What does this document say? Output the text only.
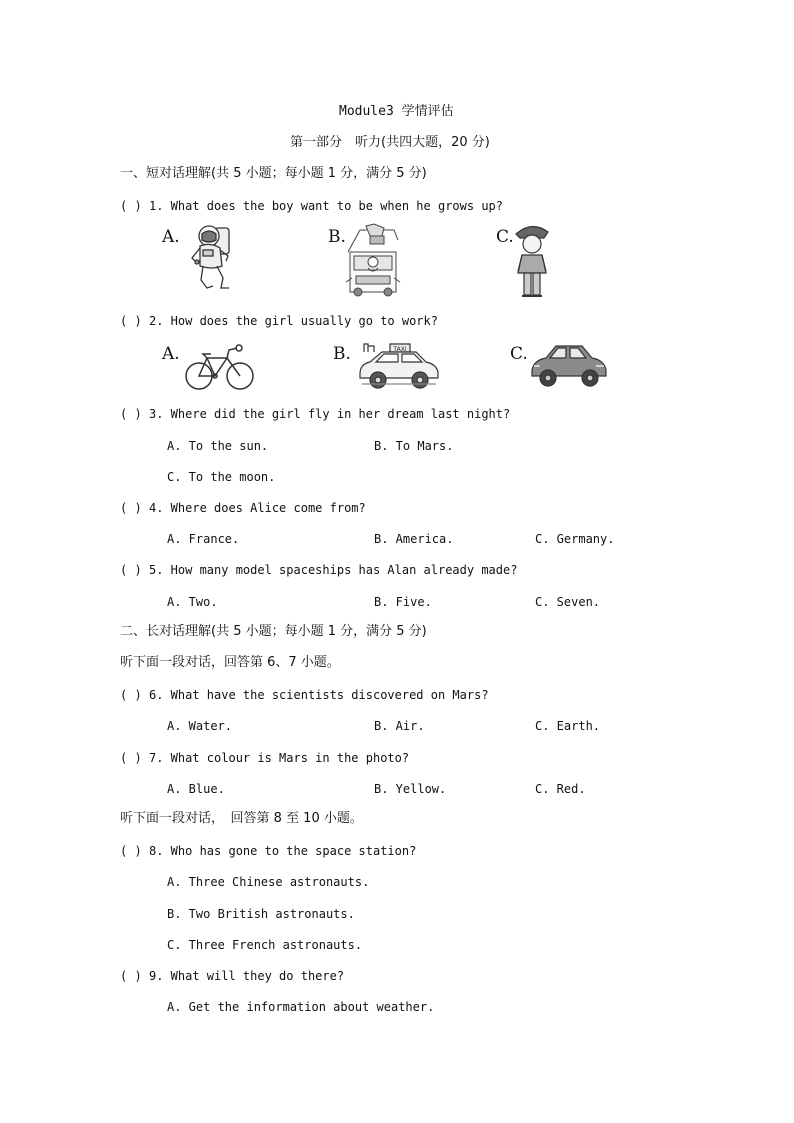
Module3 学情评估
第一部分　听力(共四大题，20 分)
一、短对话理解(共 5 小题；每小题 1 分，满分 5 分)
( ) 1. What does the boy want to be when he grows up?
A.	B.	C.
( ) 2. How does the girl usually go to work?
A.	B.	TAXI	C.
( ) 3. Where did the girl fly in her dream last night?
A. To the sun.	B. To Mars.
C. To the moon.
( ) 4. Where does Alice come from?
A. France.	B. America.	C. Germany.
( ) 5. How many model spaceships has Alan already made?
A. Two.	B. Five.	C. Seven.
二、长对话理解(共 5 小题；每小题 1 分，满分 5 分)
听下面一段对话，回答第 6、7 小题。
( ) 6. What have the scientists discovered on Mars?
A. Water.	B. Air.	C. Earth.
( ) 7. What colour is Mars in the photo?
A. Blue.	B. Yellow.	C. Red.
听下面一段对话，　回答第 8 至 10 小题。
( ) 8. Who has gone to the space station?
A. Three Chinese astronauts.
B. Two British astronauts.
C. Three French astronauts.
( ) 9. What will they do there?
A. Get the information about weather.
